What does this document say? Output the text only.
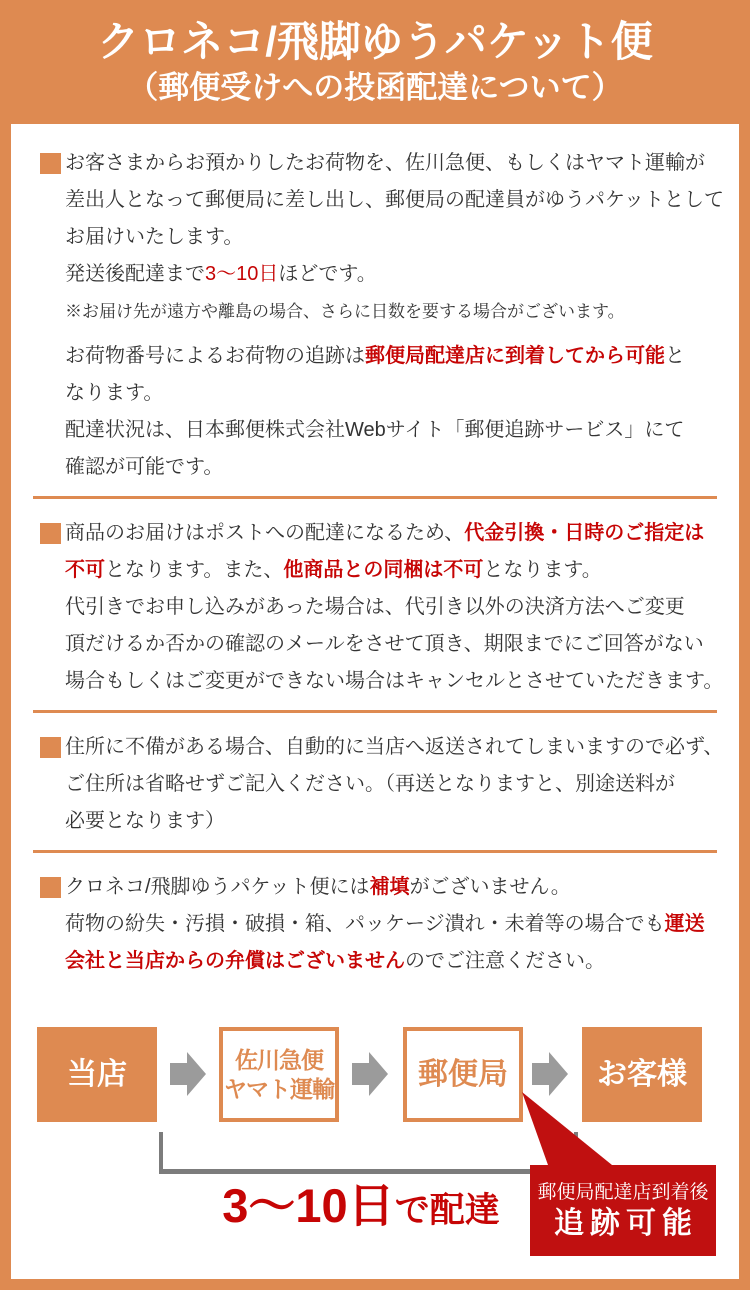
クロネコ/飛脚ゆうパケット便
（郵便受けへの投函配達について）

お客さまからお預かりしたお荷物を、佐川急便、もしくはヤマト運輸が
差出人となって郵便局に差し出し、郵便局の配達員がゆうパケットとして
お届けいたします。
発送後配達まで3〜10日ほどです。
※お届け先が遠方や離島の場合、さらに日数を要する場合がございます。

お荷物番号によるお荷物の追跡は郵便局配達店に到着してから可能と
なります。
配達状況は、日本郵便株式会社Webサイト「郵便追跡サービス」にて
確認が可能です。

商品のお届けはポストへの配達になるため、代金引換・日時のご指定は
不可となります。また、他商品との同梱は不可となります。
代引きでお申し込みがあった場合は、代引き以外の決済方法へご変更
頂だけるか否かの確認のメールをさせて頂き、期限までにご回答がない
場合もしくはご変更ができない場合はキャンセルとさせていただきます。

住所に不備がある場合、自動的に当店へ返送されてしまいますので必ず、
ご住所は省略せずご記入ください。（再送となりますと、別途送料が
必要となります）

クロネコ/飛脚ゆうパケット便には補填がございません。
荷物の紛失・汚損・破損・箱、パッケージ潰れ・未着等の場合でも運送
会社と当店からの弁償はございませんのでご注意ください。

当店	佐川急便
ヤマト運輸	郵便局	お客様
3〜10日で配達	郵便局配達店到着後
追跡可能
